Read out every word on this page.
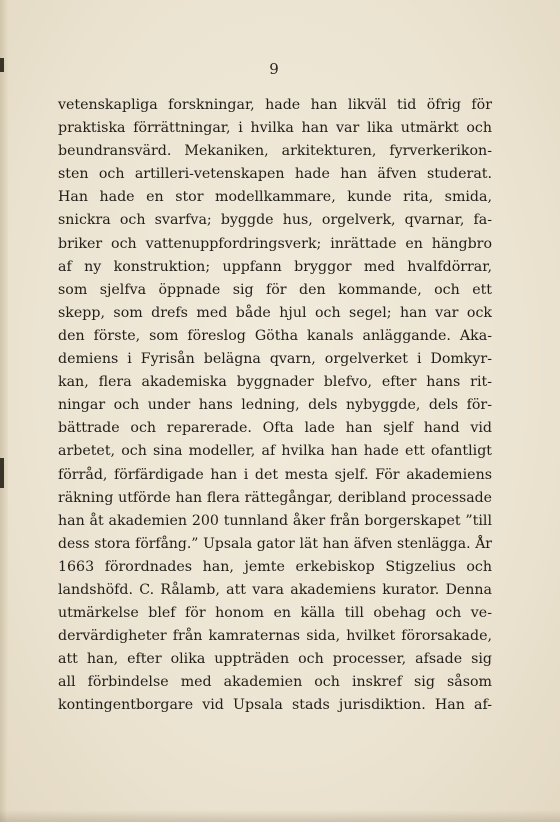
9
vetenskapliga forskningar, hade han likväl tid öfrig för
praktiska förrättningar, i hvilka han var lika utmärkt och
beundransvärd. Mekaniken, arkitekturen, fyrverkerikon-
sten och artilleri-vetenskapen hade han äfven studerat.
Han hade en stor modellkammare, kunde rita, smida,
snickra och svarfva; byggde hus, orgelverk, qvarnar, fa-
briker och vattenuppfordringsverk; inrättade en hängbro
af ny konstruktion; uppfann bryggor med hvalfdörrar,
som sjelfva öppnade sig för den kommande, och ett
skepp, som drefs med både hjul och segel; han var ock
den förste, som föreslog Götha kanals anläggande. Aka-
demiens i Fyrisån belägna qvarn, orgelverket i Domkyr-
kan, flera akademiska byggnader blefvo, efter hans rit-
ningar och under hans ledning, dels nybyggde, dels för-
bättrade och reparerade. Ofta lade han sjelf hand vid
arbetet, och sina modeller, af hvilka han hade ett ofantligt
förråd, förfärdigade han i det mesta sjelf. För akademiens
räkning utförde han flera rättegångar, deribland processade
han åt akademien 200 tunnland åker från borgerskapet ”till
dess stora förfång.” Upsala gator lät han äfven stenlägga. År
1663 förordnades han, jemte erkebiskop Stigzelius och
landshöfd. C. Rålamb, att vara akademiens kurator. Denna
utmärkelse blef för honom en källa till obehag och ve-
dervärdigheter från kamraternas sida, hvilket förorsakade,
att han, efter olika uppträden och processer, afsade sig
all förbindelse med akademien och inskref sig såsom
kontingentborgare vid Upsala stads jurisdiktion. Han af-
